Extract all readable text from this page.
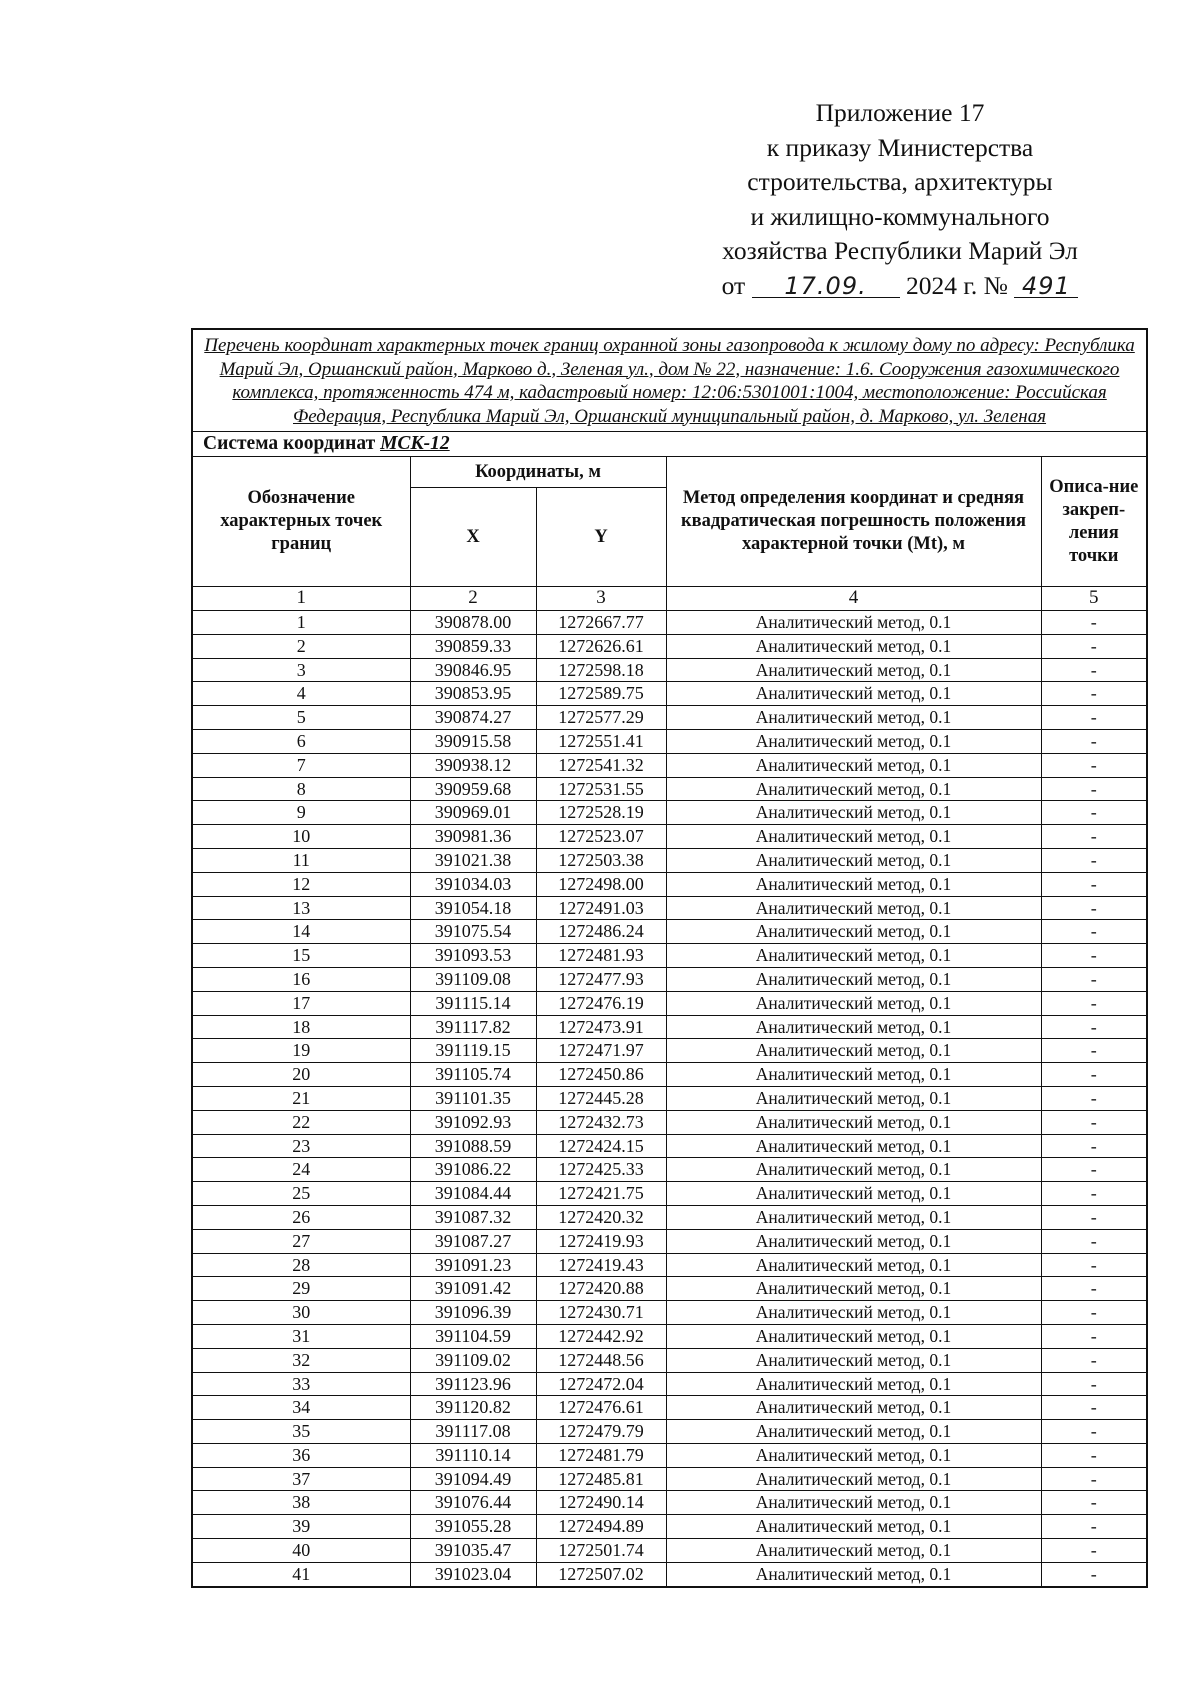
Приложение 17
к приказу Министерства
строительства, архитектуры
и жилищно-коммунального
хозяйства Республики Марий Эл
от 17.09. 2024 г. № 491
Перечень координат характерных точек границ охранной зоны газопровода к жилому дому по адресу: Республика Марий Эл, Оршанский район, Марково д., Зеленая ул., дом № 22, назначение: 1.6. Сооружения газохимического комплекса, протяженность 474 м, кадастровый номер: 12:06:5301001:1004, местоположение: Российская Федерация, Республика Марий Эл, Оршанский муниципальный район, д. Марково, ул. Зеленая				
Система координат МСК-12				
Обозначение характерных точек границ	Координаты, м		Метод определения координат и средняя квадратическая погрешность положения характерной точки (Mt), м	Описа-ние закреп-ления точки
	X	Y		
1	2	3	4	5
1	390878.00	1272667.77	Аналитический метод, 0.1	-
2	390859.33	1272626.61	Аналитический метод, 0.1	-
3	390846.95	1272598.18	Аналитический метод, 0.1	-
4	390853.95	1272589.75	Аналитический метод, 0.1	-
5	390874.27	1272577.29	Аналитический метод, 0.1	-
6	390915.58	1272551.41	Аналитический метод, 0.1	-
7	390938.12	1272541.32	Аналитический метод, 0.1	-
8	390959.68	1272531.55	Аналитический метод, 0.1	-
9	390969.01	1272528.19	Аналитический метод, 0.1	-
10	390981.36	1272523.07	Аналитический метод, 0.1	-
11	391021.38	1272503.38	Аналитический метод, 0.1	-
12	391034.03	1272498.00	Аналитический метод, 0.1	-
13	391054.18	1272491.03	Аналитический метод, 0.1	-
14	391075.54	1272486.24	Аналитический метод, 0.1	-
15	391093.53	1272481.93	Аналитический метод, 0.1	-
16	391109.08	1272477.93	Аналитический метод, 0.1	-
17	391115.14	1272476.19	Аналитический метод, 0.1	-
18	391117.82	1272473.91	Аналитический метод, 0.1	-
19	391119.15	1272471.97	Аналитический метод, 0.1	-
20	391105.74	1272450.86	Аналитический метод, 0.1	-
21	391101.35	1272445.28	Аналитический метод, 0.1	-
22	391092.93	1272432.73	Аналитический метод, 0.1	-
23	391088.59	1272424.15	Аналитический метод, 0.1	-
24	391086.22	1272425.33	Аналитический метод, 0.1	-
25	391084.44	1272421.75	Аналитический метод, 0.1	-
26	391087.32	1272420.32	Аналитический метод, 0.1	-
27	391087.27	1272419.93	Аналитический метод, 0.1	-
28	391091.23	1272419.43	Аналитический метод, 0.1	-
29	391091.42	1272420.88	Аналитический метод, 0.1	-
30	391096.39	1272430.71	Аналитический метод, 0.1	-
31	391104.59	1272442.92	Аналитический метод, 0.1	-
32	391109.02	1272448.56	Аналитический метод, 0.1	-
33	391123.96	1272472.04	Аналитический метод, 0.1	-
34	391120.82	1272476.61	Аналитический метод, 0.1	-
35	391117.08	1272479.79	Аналитический метод, 0.1	-
36	391110.14	1272481.79	Аналитический метод, 0.1	-
37	391094.49	1272485.81	Аналитический метод, 0.1	-
38	391076.44	1272490.14	Аналитический метод, 0.1	-
39	391055.28	1272494.89	Аналитический метод, 0.1	-
40	391035.47	1272501.74	Аналитический метод, 0.1	-
41	391023.04	1272507.02	Аналитический метод, 0.1	-
